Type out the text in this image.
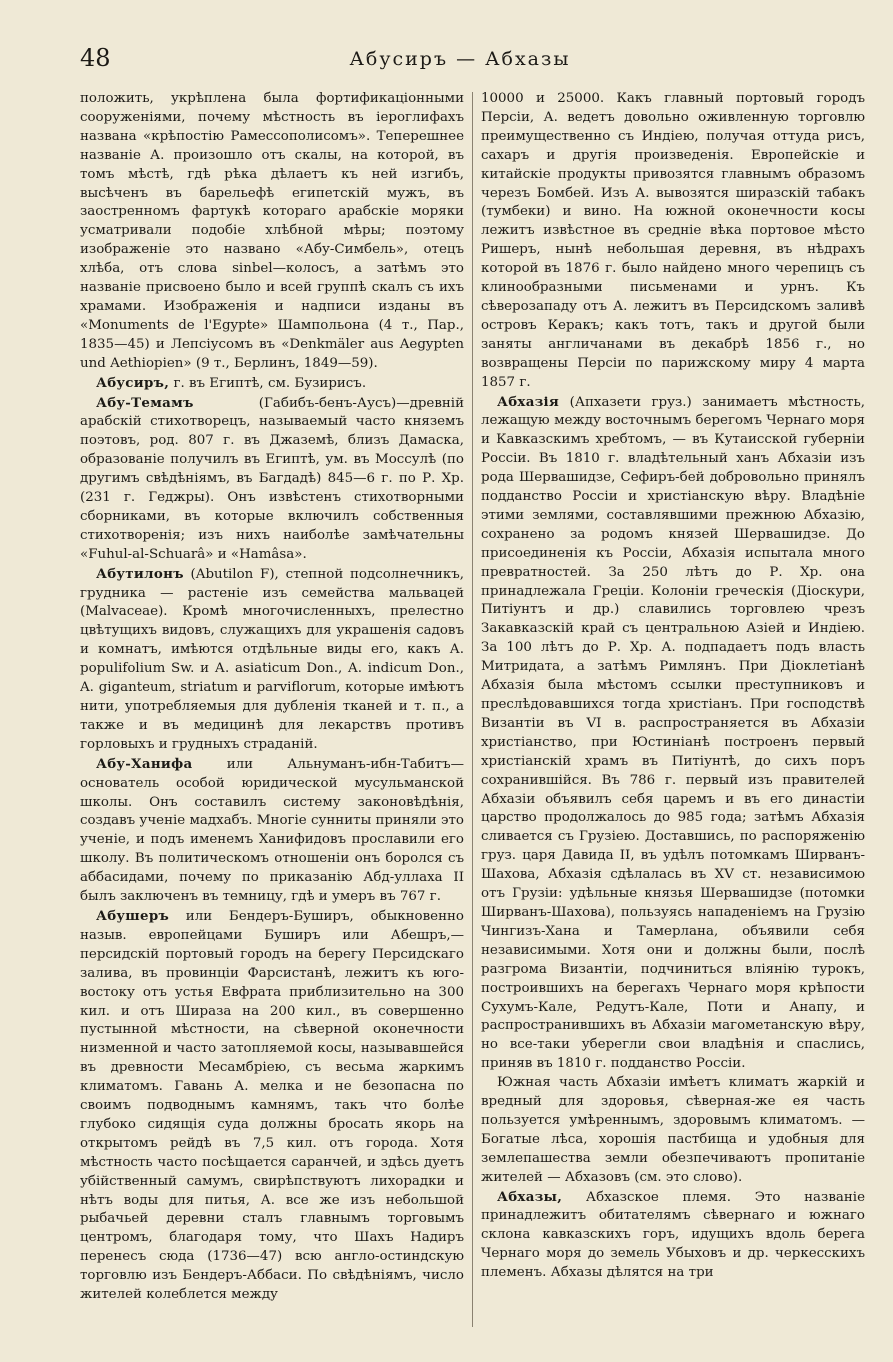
48	Абусиръ — Абхазы

положить, укрѣплена была фортификаціонными сооруженіями, почему мѣстность въ іероглифахъ названа «крѣпостію Рамессополисомъ». Теперешнее названіе А. произошло отъ скалы, на которой, въ томъ мѣстѣ, гдѣ рѣка дѣлаетъ къ ней изгибъ, высѣченъ въ барельефѣ египетскій мужъ, въ заостренномъ фартукѣ котораго арабскіе моряки усматривали подобіе хлѣбной мѣры; поэтому изображеніе это названо «Абу-Симбель», отецъ хлѣба, отъ слова sinbel—колосъ, а затѣмъ это названіе присвоено было и всей группѣ скалъ съ ихъ храмами. Изображенія и надписи изданы въ «Monuments de l'Egypte» Шампольона (4 т., Пар., 1835—45) и Лепсіусомъ въ «Denkmäler aus Aegypten und Aethiopien» (9 т., Берлинъ, 1849—59).

Абусиръ, г. въ Египтѣ, см. Бузирисъ.

Абу-Темамъ (Габибъ-бенъ-Аусъ)—древній арабскій стихотворецъ, называемый часто княземъ поэтовъ, род. 807 г. въ Джаземѣ, близъ Дамаска, образованіе получилъ въ Египтѣ, ум. въ Моссулѣ (по другимъ свѣдѣніямъ, въ Багдадѣ) 845—6 г. по Р. Хр. (231 г. Геджры). Онъ извѣстенъ стихотворными сборниками, въ которые включилъ собственныя стихотворенія; изъ нихъ наиболѣе замѣчательны «Fuhul-al-Schuarâ» и «Hamâsa».

Абутилонъ (Abutilon F), степной подсолнечникъ, грудника — растеніе изъ семейства мальвацей (Malvaceae). Кромѣ многочисленныхъ, прелестно цвѣтущихъ видовъ, служащихъ для украшенія садовъ и комнатъ, имѣются отдѣльные виды его, какъ А. populifolium Sw. и А. asiaticum Don., A. indicum Don., A. giganteum, striatum и parviflorum, которые имѣютъ нити, употребляемыя для дубленія тканей и т. п., а также и въ медицинѣ для лекарствъ противъ горловыхъ и грудныхъ страданій.

Абу-Ханифа или Альнуманъ-ибн-Табитъ—основатель особой юридической мусульманской школы. Онъ составилъ систему законовѣдѣнія, создавъ ученіе мадхабъ. Многіе сунниты приняли это ученіе, и подъ именемъ Ханифидовъ прославили его школу. Въ политическомъ отношеніи онъ боролся съ аббасидами, почему по приказанію Абд-уллаха II былъ заключенъ въ темницу, гдѣ и умеръ въ 767 г.

Абушеръ или Бендеръ-Буширъ, обыкновенно назыв. европейцами Буширъ или Абешръ,—персидскій портовый городъ на берегу Персидскаго залива, въ провинціи Фарсистанѣ, лежитъ къ юго-востоку отъ устья Евфрата приблизительно на 300 кил. и отъ Шираза на 200 кил., въ совершенно пустынной мѣстности, на сѣверной оконечности низменной и часто затопляемой косы, называвшейся въ древности Месамбріею, съ весьма жаркимъ климатомъ. Гавань А. мелка и не безопасна по своимъ подводнымъ камнямъ, такъ что болѣе глубоко сидящія суда должны бросать якорь на открытомъ рейдѣ въ 7,5 кил. отъ города. Хотя мѣстность часто посѣщается саранчей, и здѣсь дуетъ убійственный самумъ, свирѣпствуютъ лихорадки и нѣтъ воды для питья, А. все же изъ небольшой рыбачьей деревни сталъ главнымъ торговымъ центромъ, благодаря тому, что Шахъ Надиръ перенесъ сюда (1736—47) всю англо-остиндскую торговлю изъ Бендеръ-Аббаси. По свѣдѣніямъ, число жителей колеблется между

10000 и 25000. Какъ главный портовый городъ Персіи, А. ведетъ довольно оживленную торговлю преимущественно съ Индіею, получая оттуда рисъ, сахаръ и другія произведенія. Европейскіе и китайскіе продукты привозятся главнымъ образомъ черезъ Бомбей. Изъ А. вывозятся ширазскій табакъ (тумбеки) и вино. На южной оконечности косы лежитъ извѣстное въ средніе вѣка портовое мѣсто Ришеръ, нынѣ небольшая деревня, въ нѣдрахъ которой въ 1876 г. было найдено много черепицъ съ клинообразными письменами и урнъ. Къ сѣверозападу отъ А. лежитъ въ Персидскомъ заливѣ островъ Кеpакъ; какъ тотъ, такъ и другой были заняты англичанами въ декабрѣ 1856 г., но возвращены Персіи по парижскому миру 4 марта 1857 г.

Абхазія (Апхазети груз.) занимаетъ мѣстность, лежащую между восточнымъ берегомъ Чернаго моря и Кавказскимъ хребтомъ, — въ Кутаисской губерніи Россіи. Въ 1810 г. владѣтельный ханъ Абхазіи изъ рода Шервашидзе, Сефиръ-бей добровольно принялъ подданство Россіи и христіанскую вѣру. Владѣніе этими землями, составлявшими прежнюю Абхазію, сохранено за родомъ князей Шервашидзе. До присоединенія къ Россіи, Абхазія испытала много превратностей. За 250 лѣтъ до Р. Хр. она принадлежала Греціи. Колоніи греческія (Діоскури, Питіунтъ и др.) славились торговлею чрезъ Закавказскій край съ центральною Азіей и Индіею. За 100 лѣтъ до Р. Хр. А. подпадаетъ подъ власть Митридата, а затѣмъ Римлянъ. При Діоклетіанѣ Абхазія была мѣстомъ ссылки преступниковъ и преслѣдовавшихся тогда христіанъ. При господствѣ Византіи въ VI в. распространяется въ Абхазіи христіанство, при Юстиніанѣ построенъ первый христіанскій храмъ въ Питіунтѣ, до сихъ поръ сохранившійся. Въ 786 г. первый изъ правителей Абхазіи объявилъ себя царемъ и въ его династіи царство продолжалось до 985 года; затѣмъ Абхазія сливается съ Грузіею. Доставшись, по распоряженію груз. царя Давида II, въ удѣлъ потомкамъ Ширванъ-Шахова, Абхазія сдѣлалась въ XV ст. независимою отъ Грузіи: удѣльные князья Шервашидзе (потомки Ширванъ-Шахова), пользуясь нападеніемъ на Грузію Чингизъ-Хана и Тамерлана, объявили себя независимыми. Хотя они и должны были, послѣ разгрома Византіи, подчиниться вліянію турокъ, построившихъ на берегахъ Чернаго моря крѣпости Сухумъ-Кале, Редутъ-Кале, Поти и Анапу, и распространившихъ въ Абхазіи магометанскую вѣру, но все-таки уберегли свои владѣнія и спаслись, приняв въ 1810 г. подданство Россіи.

Южная часть Абхазіи имѣетъ климатъ жаркій и вредный для здоровья, сѣверная-же ея часть пользуется умѣреннымъ, здоровымъ климатомъ. — Богатые лѣса, хорошія пастбища и удобныя для землепашества земли обезпечиваютъ пропитаніе жителей — Абхазовъ (см. это слово).

Абхазы, Абхазское племя. Это названіе принадлежитъ обитателямъ сѣвернаго и южнаго склона кавказскихъ горъ, идущихъ вдоль берега Чернаго моря до земель Убыховъ и др. черкесскихъ племенъ. Абхазы дѣлятся на три
